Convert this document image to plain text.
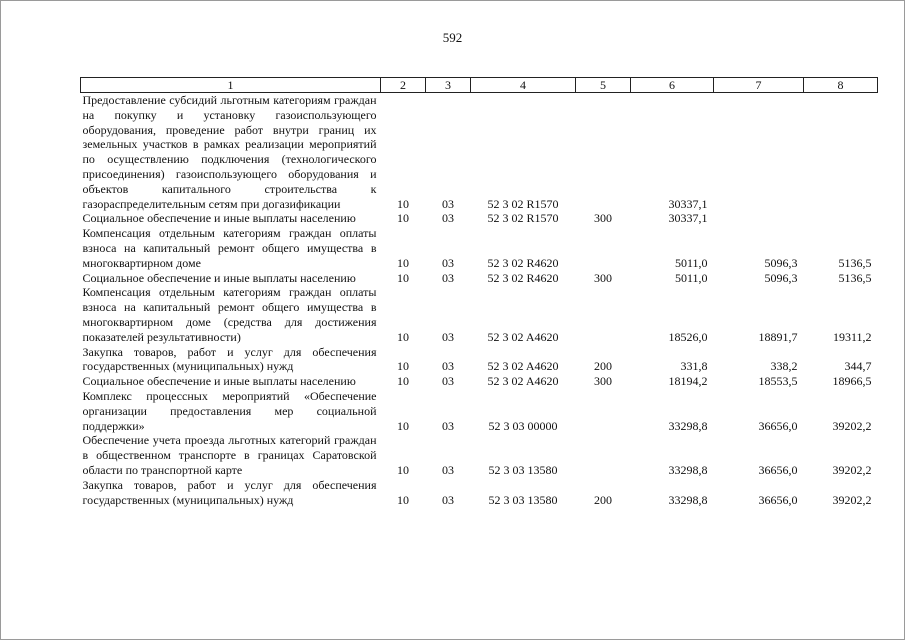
592
1	2	3	4	5	6	7	8
Предоставление субсидий льготным категориям граждан на покупку и установку газоиспользующего оборудования, проведение работ внутри границ их земельных участков в рамках реализации мероприятий по осуществлению подключения (технологического присоединения) газоиспользующего оборудования и объектов капитального строительства к газораспределительным сетям при догазификации	10	03	52 3 02 R1570		30337,1		
Социальное обеспечение и иные выплаты населению	10	03	52 3 02 R1570	300	30337,1		
Компенсация отдельным категориям граждан оплаты взноса на капитальный ремонт общего имущества в многоквартирном доме	10	03	52 3 02 R4620		5011,0	5096,3	5136,5
Социальное обеспечение и иные выплаты населению	10	03	52 3 02 R4620	300	5011,0	5096,3	5136,5
Компенсация отдельным категориям граждан оплаты взноса на капитальный ремонт общего имущества в многоквартирном доме (средства для достижения показателей результативности)	10	03	52 3 02 A4620		18526,0	18891,7	19311,2
Закупка товаров, работ и услуг для обеспечения государственных (муниципальных) нужд	10	03	52 3 02 A4620	200	331,8	338,2	344,7
Социальное обеспечение и иные выплаты населению	10	03	52 3 02 A4620	300	18194,2	18553,5	18966,5
Комплекс процессных мероприятий «Обеспечение организации предоставления мер социальной поддержки»	10	03	52 3 03 00000		33298,8	36656,0	39202,2
Обеспечение учета проезда льготных категорий граждан в общественном транспорте в границах Саратовской области по транспортной карте	10	03	52 3 03 13580		33298,8	36656,0	39202,2
Закупка товаров, работ и услуг для обеспечения государственных (муниципальных) нужд	10	03	52 3 03 13580	200	33298,8	36656,0	39202,2
